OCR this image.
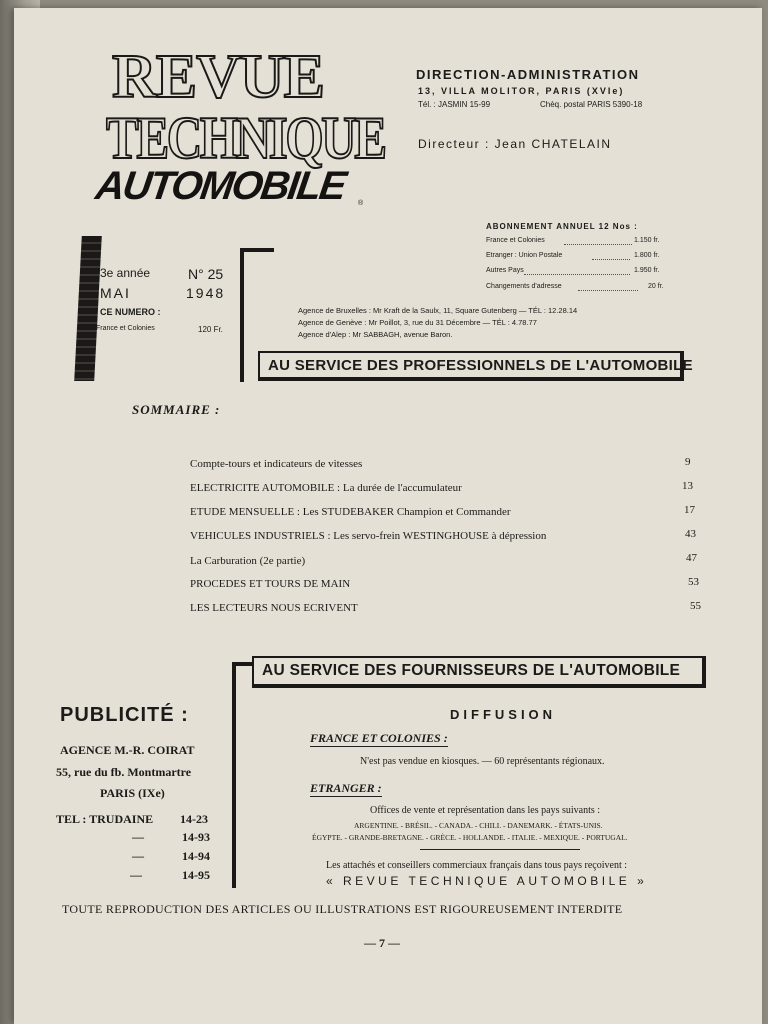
REVUE
TECHNIQUE
AUTOMOBILE ®
DIRECTION-ADMINISTRATION
13, VILLA MOLITOR, PARIS (XVIe)
Tél. : JASMIN 15-99	Chèq. postal PARIS 5390-18
Directeur : Jean CHATELAIN
3e année	N° 25
MAI	1948
CE NUMERO :
France et Colonies	120 Fr.
ABONNEMENT ANNUEL 12 Nos :
France et Colonies	1.150 fr.
Etranger : Union Postale	1.800 fr.
Autres Pays	1.950 fr.
Changements d'adresse	20 fr.
Agence de Bruxelles : Mr Kraft de la Saulx, 11, Square Gutenberg — TÉL : 12.28.14
Agence de Genève : Mr Poillot, 3, rue du 31 Décembre — TÉL : 4.78.77
Agence d'Alep : Mr SABBAGH, avenue Baron.
AU SERVICE DES PROFESSIONNELS DE L'AUTOMOBILE
SOMMAIRE :
Compte-tours et indicateurs de vitesses	9
ELECTRICITE AUTOMOBILE : La durée de l'accumulateur	13
ETUDE MENSUELLE : Les STUDEBAKER Champion et Commander	17
VEHICULES INDUSTRIELS : Les servo-frein WESTINGHOUSE à dépression	43
La Carburation (2e partie)	47
PROCEDES ET TOURS DE MAIN	53
LES LECTEURS NOUS ECRIVENT	55
AU SERVICE DES FOURNISSEURS DE L'AUTOMOBILE
PUBLICITÉ :
AGENCE M.-R. COIRAT
55, rue du fb. Montmartre
PARIS (IXe)
TEL : TRUDAINE 14-23
—	14-93
—	14-94
—	14-95
DIFFUSION
FRANCE ET COLONIES :
N'est pas vendue en kiosques. — 60 représentants régionaux.
ETRANGER :
Offices de vente et représentation dans les pays suivants :
ARGENTINE. - BRÉSIL. - CANADA. - CHILI. - DANEMARK. - ÉTATS-UNIS.
ÉGYPTE. - GRANDE-BRETAGNE. - GRÈCE. - HOLLANDE. - ITALIE. - MEXIQUE. - PORTUGAL.
Les attachés et conseillers commerciaux français dans tous pays reçoivent :
« REVUE TECHNIQUE AUTOMOBILE »
TOUTE REPRODUCTION DES ARTICLES OU ILLUSTRATIONS EST RIGOUREUSEMENT INTERDITE
— 7 —
